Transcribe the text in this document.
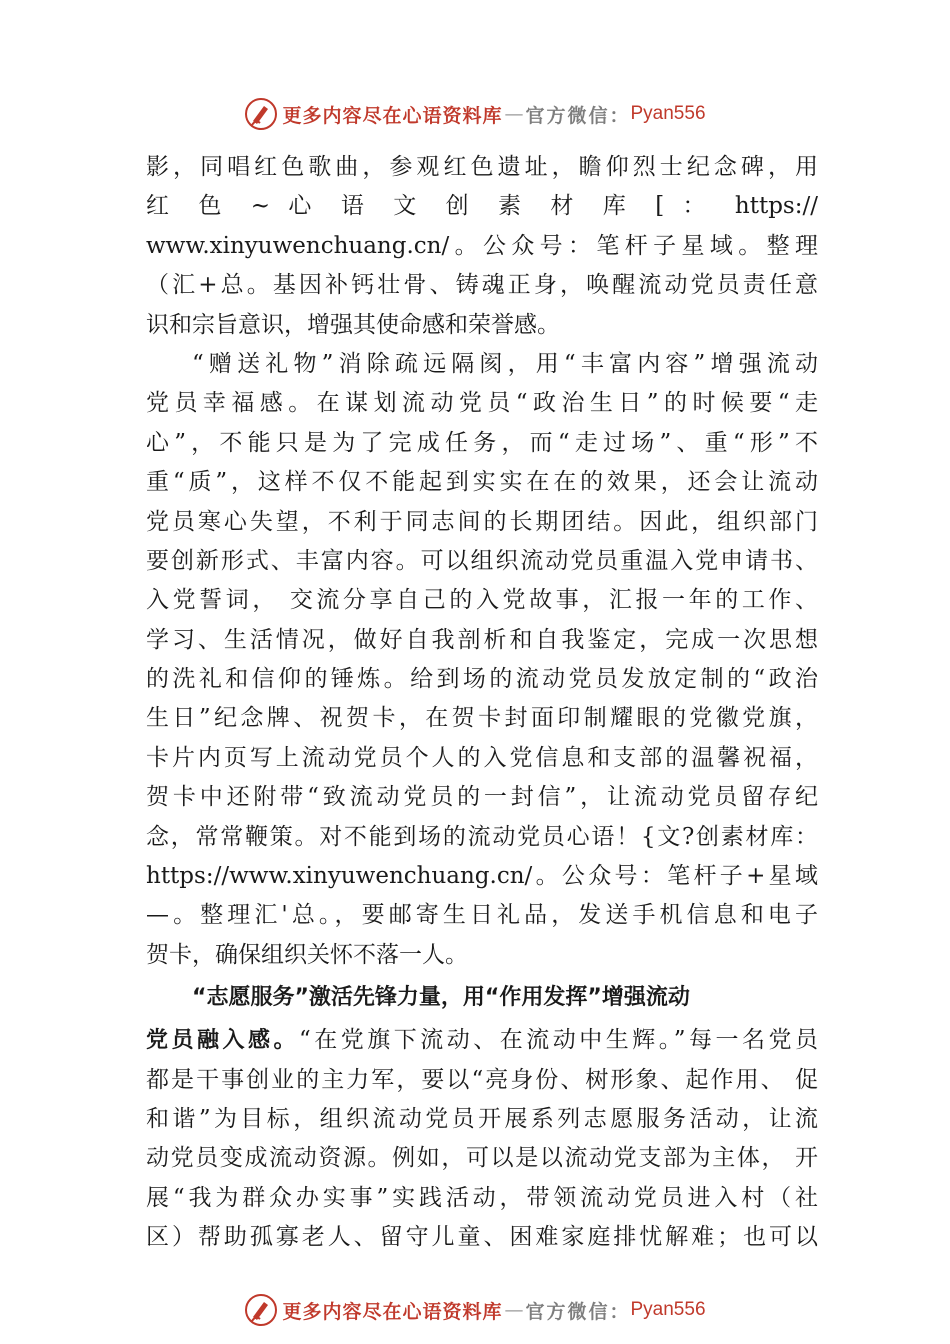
更多内容尽在心语资料库 — 官方微信： Pyan556
影，同唱红色歌曲，参观红色遗址，瞻仰烈士纪念碑，用
红 色 ~ 心 语 文 创 素 材 库 [ ： https://
www.xinyuwenchuang.cn/。公众号：笔杆子星域。整理
（汇+总。基因补钙壮骨、铸魂正身，唤醒流动党员责任意
识和宗旨意识，增强其使命感和荣誉感。
“赠送礼物”消除疏远隔阂，用“丰富内容”增强流动
党员幸福感。在谋划流动党员“政治生日”的时候要“走
心”，不能只是为了完成任务，而“走过场”、重“形”不
重“质”，这样不仅不能起到实实在在的效果，还会让流动
党员寒心失望，不利于同志间的长期团结。因此，组织部门
要创新形式、丰富内容。可以组织流动党员重温入党申请书、
入党誓词， 交流分享自己的入党故事，汇报一年的工作、
学习、生活情况，做好自我剖析和自我鉴定，完成一次思想
的洗礼和信仰的锤炼。给到场的流动党员发放定制的“政治
生日”纪念牌、祝贺卡，在贺卡封面印制耀眼的党徽党旗，
卡片内页写上流动党员个人的入党信息和支部的温馨祝福，
贺卡中还附带“致流动党员的一封信”，让流动党员留存纪
念，常常鞭策。对不能到场的流动党员心语！{文?创素材库：
https://www.xinyuwenchuang.cn/。公众号：笔杆子+星域
—。整理汇'总。，要邮寄生日礼品，发送手机信息和电子
贺卡，确保组织关怀不落一人。
“志愿服务”激活先锋力量，用“作用发挥”增强流动
党员融入感。“在党旗下流动、在流动中生辉。”每一名党员
都是干事创业的主力军，要以“亮身份、树形象、起作用、 促
和谐”为目标，组织流动党员开展系列志愿服务活动，让流
动党员变成流动资源。例如，可以是以流动党支部为主体， 开
展“我为群众办实事”实践活动，带领流动党员进入村（社
区）帮助孤寡老人、留守儿童、困难家庭排忧解难；也可以
更多内容尽在心语资料库 — 官方微信： Pyan556
